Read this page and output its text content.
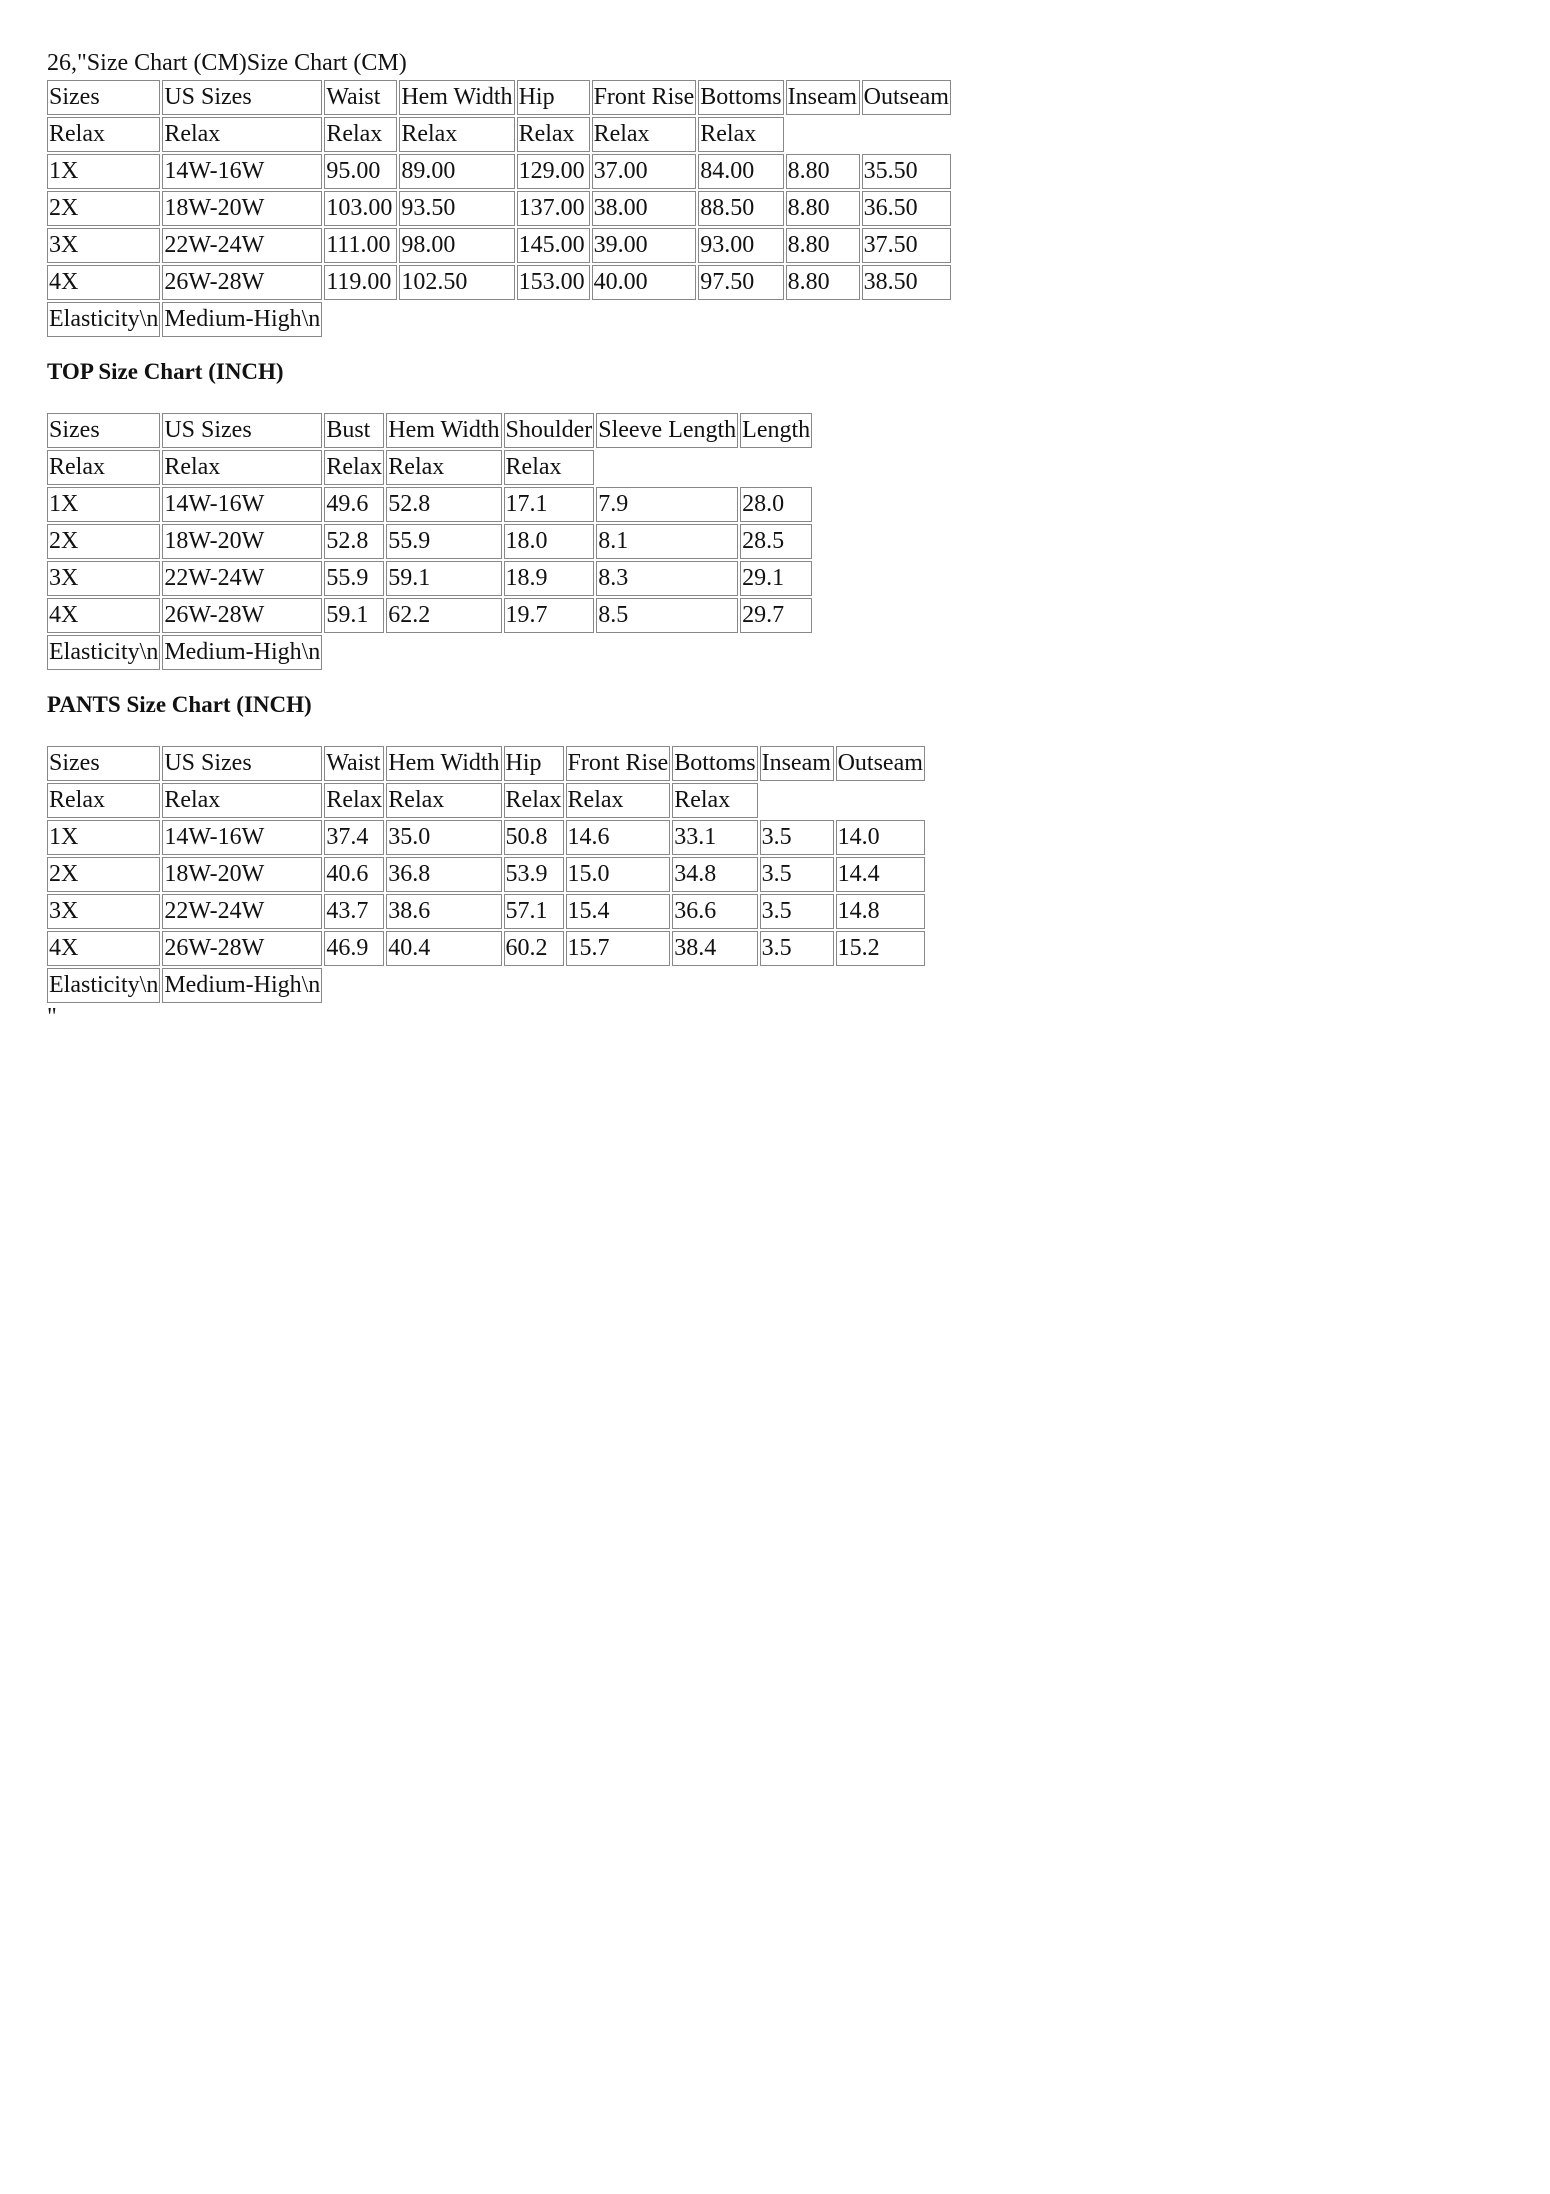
26,"Size Chart (CM)Size Chart (CM)
Sizes	US Sizes	Waist	Hem Width	Hip	Front Rise	Bottoms	Inseam	Outseam
Relax	Relax	Relax	Relax	Relax	Relax	Relax		
1X	14W-16W	95.00	89.00	129.00	37.00	84.00	8.80	35.50
2X	18W-20W	103.00	93.50	137.00	38.00	88.50	8.80	36.50
3X	22W-24W	111.00	98.00	145.00	39.00	93.00	8.80	37.50
4X	26W-28W	119.00	102.50	153.00	40.00	97.50	8.80	38.50
Elasticity\n	Medium-High\n							
TOP Size Chart (INCH)
Sizes	US Sizes	Bust	Hem Width	Shoulder	Sleeve Length	Length
Relax	Relax	Relax	Relax	Relax		
1X	14W-16W	49.6	52.8	17.1	7.9	28.0
2X	18W-20W	52.8	55.9	18.0	8.1	28.5
3X	22W-24W	55.9	59.1	18.9	8.3	29.1
4X	26W-28W	59.1	62.2	19.7	8.5	29.7
Elasticity\n	Medium-High\n					
PANTS Size Chart (INCH)
Sizes	US Sizes	Waist	Hem Width	Hip	Front Rise	Bottoms	Inseam	Outseam
Relax	Relax	Relax	Relax	Relax	Relax	Relax		
1X	14W-16W	37.4	35.0	50.8	14.6	33.1	3.5	14.0
2X	18W-20W	40.6	36.8	53.9	15.0	34.8	3.5	14.4
3X	22W-24W	43.7	38.6	57.1	15.4	36.6	3.5	14.8
4X	26W-28W	46.9	40.4	60.2	15.7	38.4	3.5	15.2
Elasticity\n	Medium-High\n							
"
